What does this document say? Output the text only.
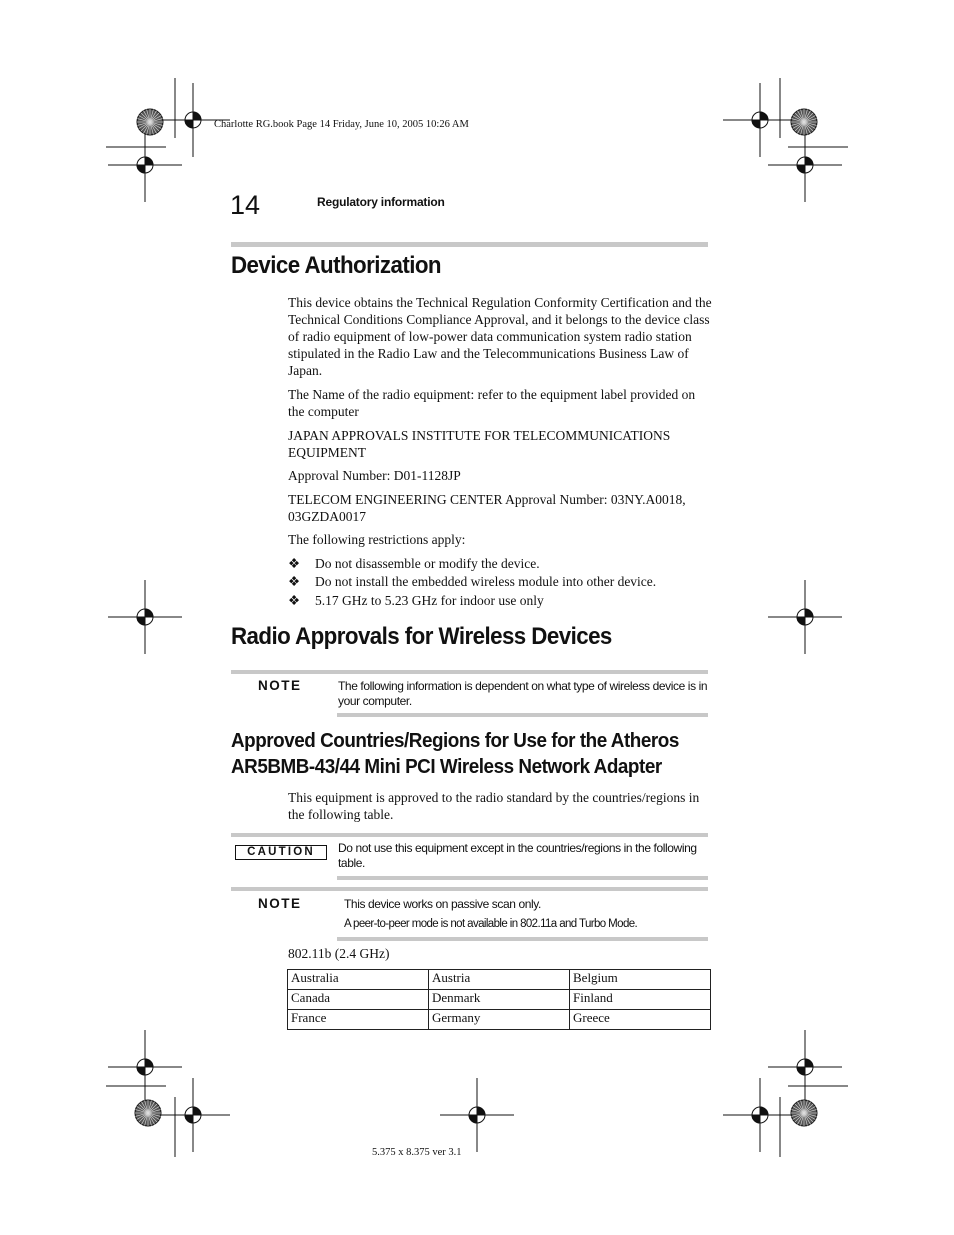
Charlotte RG.book Page 14 Friday, June 10, 2005 10:26 AM
14	Regulatory information
Device Authorization
This device obtains the Technical Regulation Conformity Certification and the Technical Conditions Compliance Approval, and it belongs to the device class of radio equipment of low-power data communication system radio station stipulated in the Radio Law and the Telecommunications Business Law of Japan.
The Name of the radio equipment: refer to the equipment label provided on the computer
JAPAN APPROVALS INSTITUTE FOR TELECOMMUNICATIONS EQUIPMENT
Approval Number: D01-1128JP
TELECOM ENGINEERING CENTER Approval Number: 03NY.A0018, 03GZDA0017
The following restrictions apply:
❖ Do not disassemble or modify the device.
❖ Do not install the embedded wireless module into other device.
❖ 5.17 GHz to 5.23 GHz for indoor use only
Radio Approvals for Wireless Devices
NOTE	The following information is dependent on what type of wireless device is in your computer.
Approved Countries/Regions for Use for the Atheros
AR5BMB-43/44 Mini PCI Wireless Network Adapter
This equipment is approved to the radio standard by the countries/regions in the following table.
CAUTION	Do not use this equipment except in the countries/regions in the following table.
NOTE	This device works on passive scan only.
A peer-to-peer mode is not available in 802.11a and Turbo Mode.
802.11b (2.4 GHz)
Australia	Austria	Belgium
Canada	Denmark	Finland
France	Germany	Greece
5.375 x 8.375 ver 3.1
